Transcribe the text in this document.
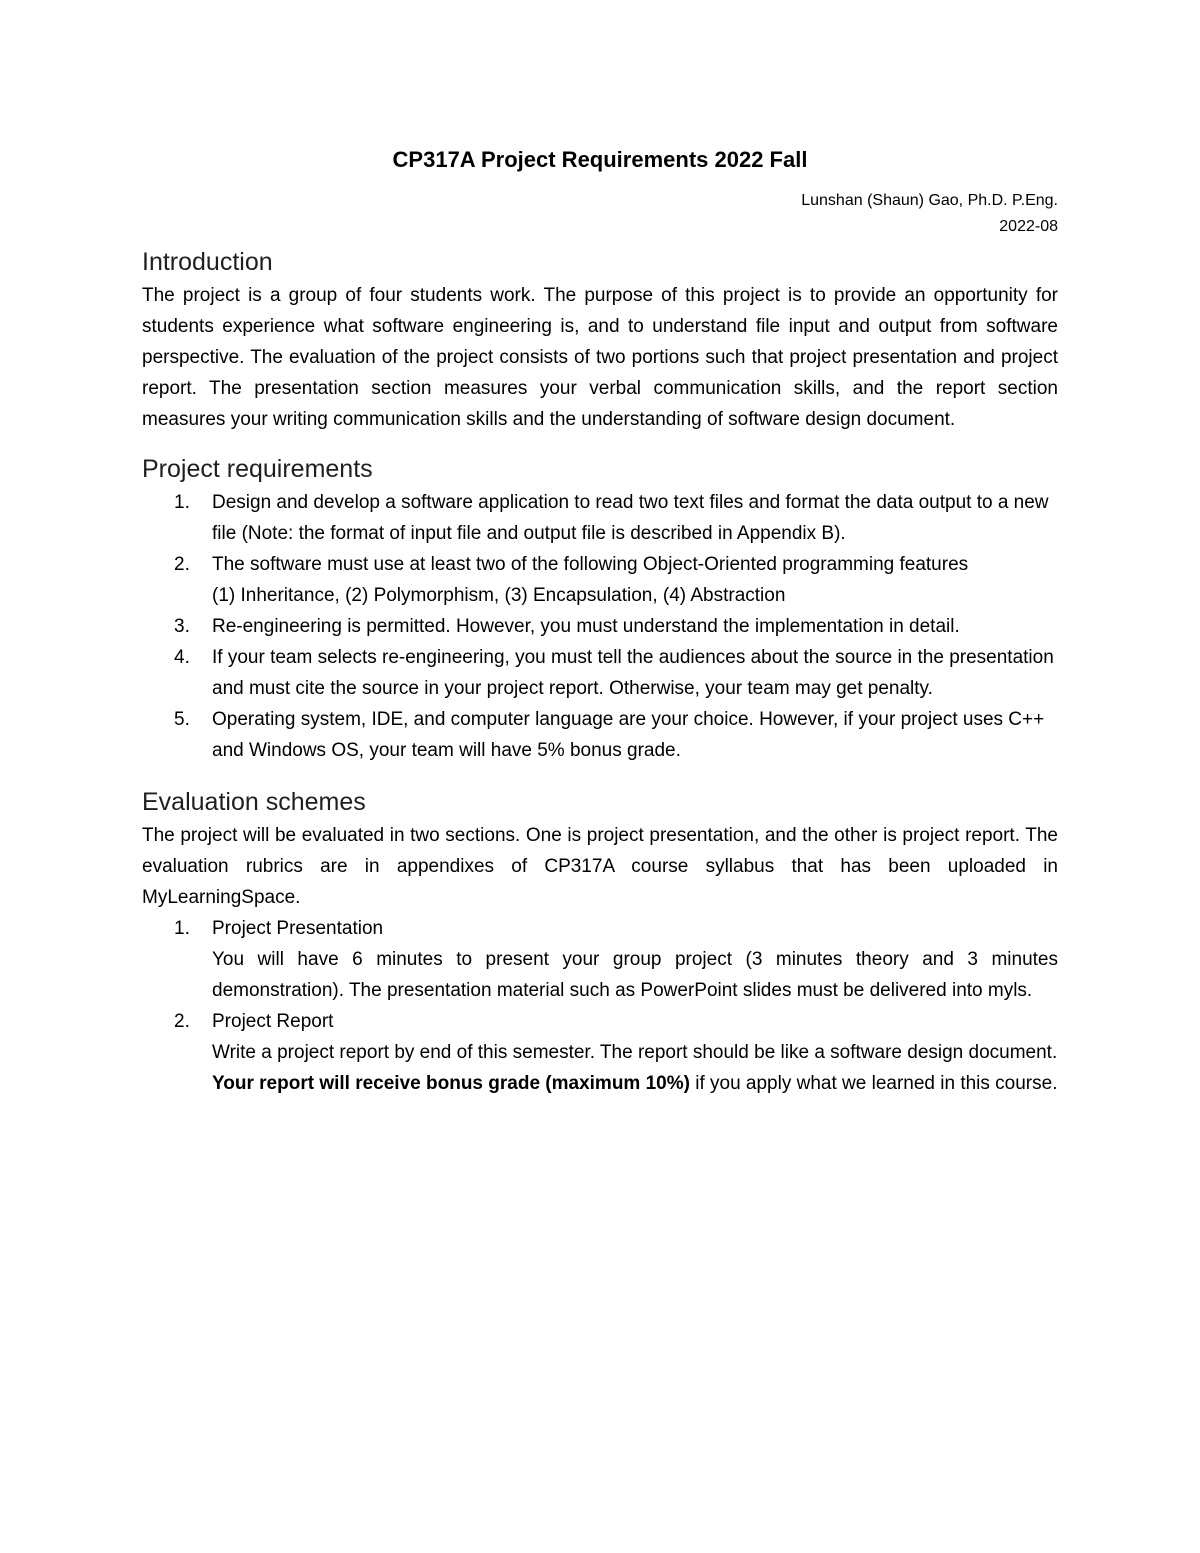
CP317A Project Requirements 2022 Fall
Lunshan (Shaun) Gao, Ph.D. P.Eng.
2022-08
Introduction

The project is a group of four students work. The purpose of this project is to provide an opportunity for students experience what software engineering is, and to understand file input and output from software perspective. The evaluation of the project consists of two portions such that project presentation and project report. The presentation section measures your verbal communication skills, and the report section measures your writing communication skills and the understanding of software design document.

Project requirements
1. Design and develop a software application to read two text files and format the data output to a new file (Note: the format of input file and output file is described in Appendix B).
2. The software must use at least two of the following Object-Oriented programming features
(1) Inheritance, (2) Polymorphism, (3) Encapsulation, (4) Abstraction
3. Re-engineering is permitted. However, you must understand the implementation in detail.
4. If your team selects re-engineering, you must tell the audiences about the source in the presentation and must cite the source in your project report. Otherwise, your team may get penalty.
5. Operating system, IDE, and computer language are your choice. However, if your project uses C++ and Windows OS, your team will have 5% bonus grade.
Evaluation schemes

The project will be evaluated in two sections. One is project presentation, and the other is project report. The evaluation rubrics are in appendixes of CP317A course syllabus that has been uploaded in MyLearningSpace.

1. Project Presentation
You will have 6 minutes to present your group project (3 minutes theory and 3 minutes demonstration). The presentation material such as PowerPoint slides must be delivered into myls.
2. Project Report
Write a project report by end of this semester. The report should be like a software design document.
Your report will receive bonus grade (maximum 10%) if you apply what we learned in this course.
